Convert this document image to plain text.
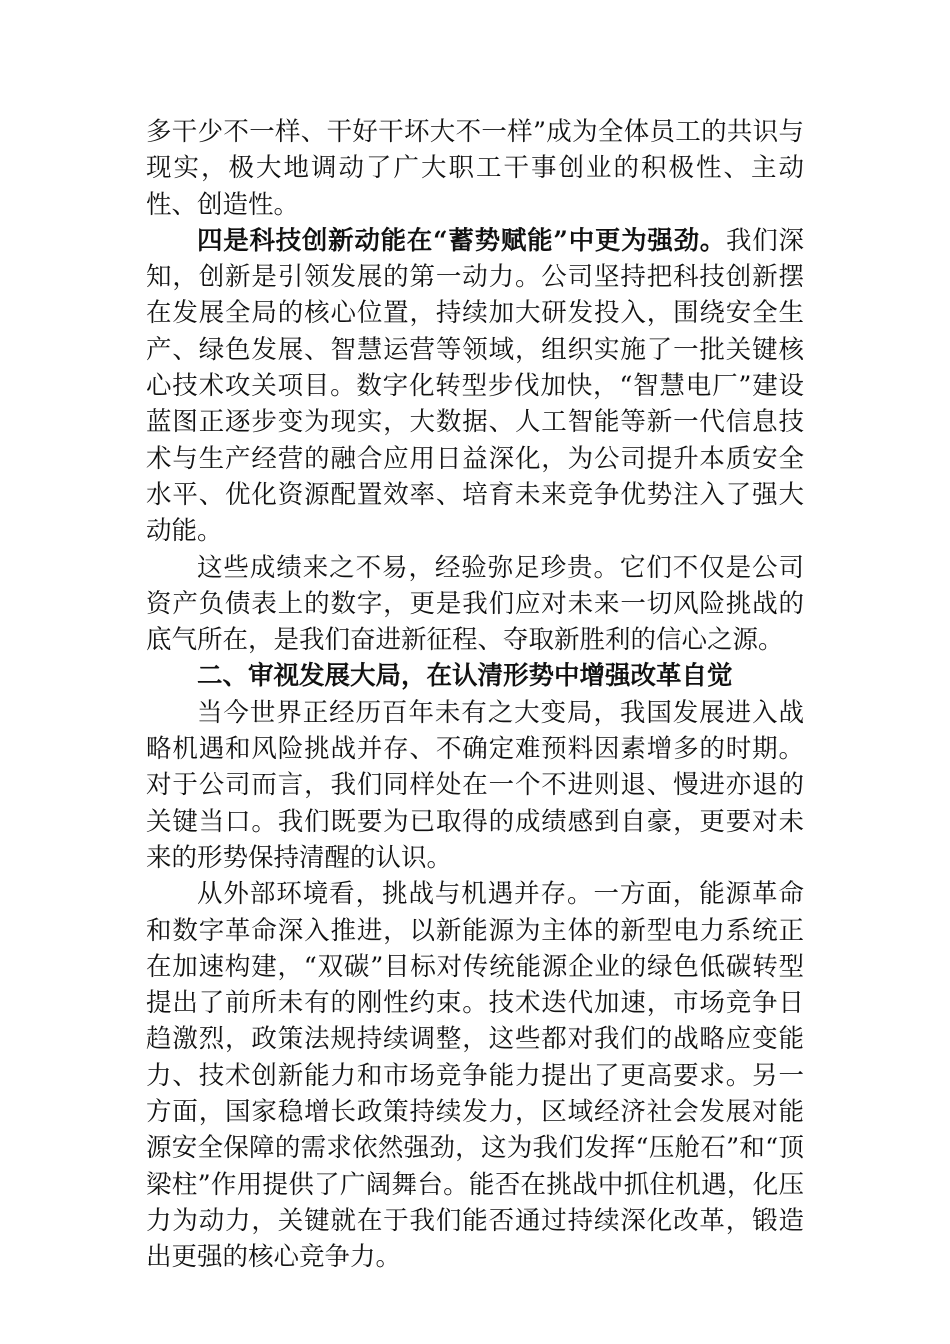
多干少不一样、干好干坏大不一样”成为全体员工的共识与现实，极大地调动了广大职工干事创业的积极性、主动性、创造性。

四是科技创新动能在“蓄势赋能”中更为强劲。我们深知，创新是引领发展的第一动力。公司坚持把科技创新摆在发展全局的核心位置，持续加大研发投入，围绕安全生产、绿色发展、智慧运营等领域，组织实施了一批关键核心技术攻关项目。数字化转型步伐加快，“智慧电厂”建设蓝图正逐步变为现实，大数据、人工智能等新一代信息技术与生产经营的融合应用日益深化，为公司提升本质安全水平、优化资源配置效率、培育未来竞争优势注入了强大动能。

这些成绩来之不易，经验弥足珍贵。它们不仅是公司资产负债表上的数字，更是我们应对未来一切风险挑战的底气所在，是我们奋进新征程、夺取新胜利的信心之源。

二、审视发展大局，在认清形势中增强改革自觉

当今世界正经历百年未有之大变局，我国发展进入战略机遇和风险挑战并存、不确定难预料因素增多的时期。对于公司而言，我们同样处在一个不进则退、慢进亦退的关键当口。我们既要为已取得的成绩感到自豪，更要对未来的形势保持清醒的认识。

从外部环境看，挑战与机遇并存。一方面，能源革命和数字革命深入推进，以新能源为主体的新型电力系统正在加速构建，“双碳”目标对传统能源企业的绿色低碳转型提出了前所未有的刚性约束。技术迭代加速，市场竞争日趋激烈，政策法规持续调整，这些都对我们的战略应变能力、技术创新能力和市场竞争能力提出了更高要求。另一方面，国家稳增长政策持续发力，区域经济社会发展对能源安全保障的需求依然强劲，这为我们发挥“压舱石”和“顶梁柱”作用提供了广阔舞台。能否在挑战中抓住机遇，化压力为动力，关键就在于我们能否通过持续深化改革，锻造出更强的核心竞争力。
